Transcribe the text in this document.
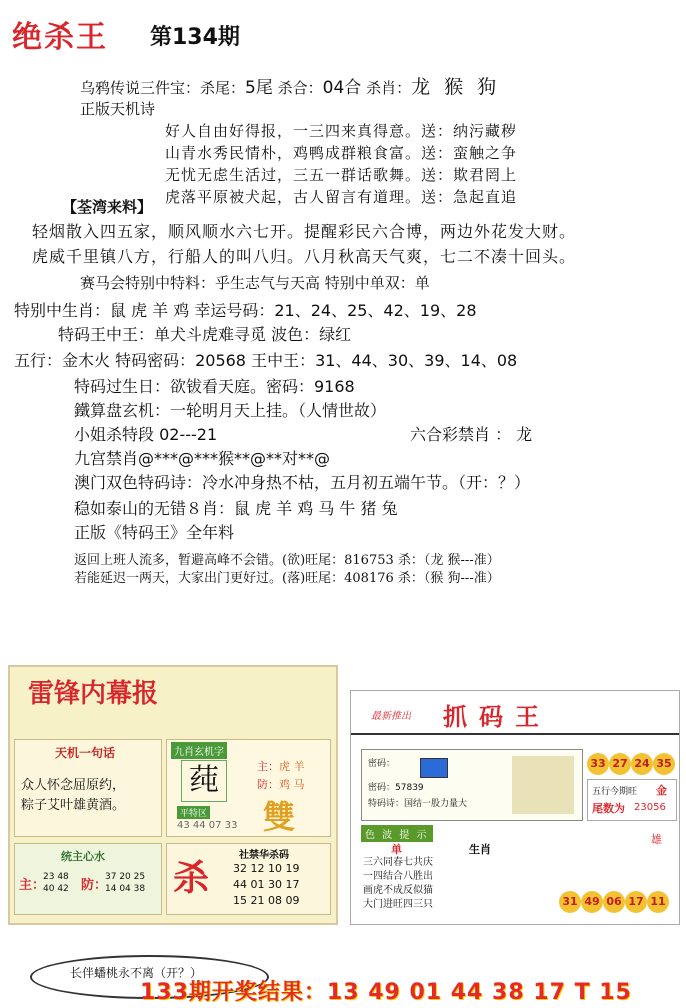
绝杀王 第134期
乌鸦传说三件宝：杀尾：5尾 杀合：04合 杀肖：龙 猴 狗
正版天机诗
好人自由好得报，一三四来真得意。送：纳污藏秽
山青水秀民情朴，鸡鸭成群粮食富。送：蛮触之争
无忧无虑生活过，三五一群话歌舞。送：欺君罔上
虎落平原被犬起，古人留言有道理。送：急起直追
【荃湾来料】
轻烟散入四五家，顺风顺水六七开。提醒彩民六合博，两边外花发大财。
虎威千里镇八方，行船人的叫八归。八月秋高天气爽，七二不凑十回头。
赛马会特别中特料：乎生志气与天高 特别中单双：单
特别中生肖：鼠 虎 羊 鸡 幸运号码：21、24、25、42、19、28
特码王中王：单犬斗虎难寻觅 波色：绿红
五行：金木火 特码密码：20568 王中王：31、44、30、39、14、08
特码过生日：欲钹看天庭。密码：9168
鐵算盘玄机：一轮明月天上挂。（人情世故）
小姐杀特段 02---21	六合彩禁肖 ： 龙
九宫禁肖@***@***猴**@**对**@
澳门双色特码诗：冷水冲身热不枯，五月初五端午节。（开：？）
稳如泰山的无错８肖：鼠 虎 羊 鸡 马 牛 猪 兔
正版《特码王》全年料
返回上班人流多，暂避高峰不会错。(欲)旺尾：816753 杀：（龙 猴---准）
若能延迟一两天，大家出门更好过。(落)旺尾：408176 杀：（猴 狗---准）
雷锋内幕报
天机一句话
众人怀念屈原约，
粽子艾叶雄黄酒。
九肖玄机字
莼	主：虎 羊
防：鸡 马
平特区
43 44 07 33 雙
统主心水
主：
23 48
40 42 防：
37 20 25
14 04 38 杀
社禁华杀码
32 12 10 19
44 01 30 17
15 21 08 09
最新推出 抓码王
密码：
密码：57839
特码诗：国结一股力量大
33 27 24 35
五行今期旺 金
尾数为 23056
色 波 提 示
单	生肖
雄
三六同春七共庆
一四结合八胜出
画虎不成反似猫
大门进旺四三只	31 49 06 17 11
长伴蟠桃永不离（开？）
133期开奖结果：13 49 01 44 38 17 T 15
